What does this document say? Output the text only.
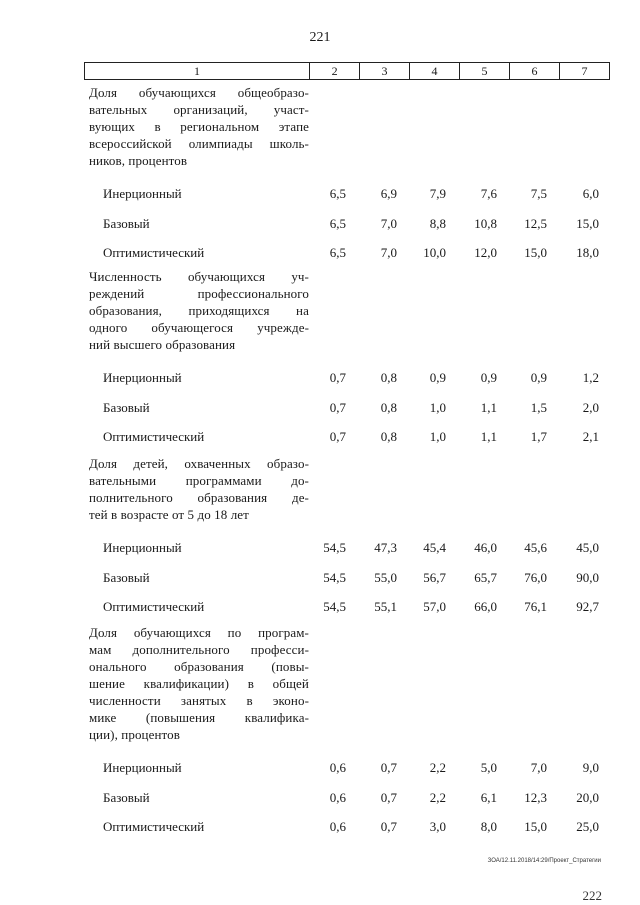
221
1	2	3	4	5	6	7
Доля обучающихся общеобразо-
вательных организаций, участ-
вующих в региональном этапе
всероссийской олимпиады школь-
ников, процентов
Инерционный	6,5	6,9	7,9	7,6	7,5	6,0
Базовый	6,5	7,0	8,8	10,8	12,5	15,0
Оптимистический	6,5	7,0	10,0	12,0	15,0	18,0
Численность обучающихся уч-
реждений профессионального
образования, приходящихся на
одного обучающегося учрежде-
ний высшего образования
Инерционный	0,7	0,8	0,9	0,9	0,9	1,2
Базовый	0,7	0,8	1,0	1,1	1,5	2,0
Оптимистический	0,7	0,8	1,0	1,1	1,7	2,1
Доля детей, охваченных образо-
вательными программами до-
полнительного образования де-
тей в возрасте от 5 до 18 лет
Инерционный	54,5	47,3	45,4	46,0	45,6	45,0
Базовый	54,5	55,0	56,7	65,7	76,0	90,0
Оптимистический	54,5	55,1	57,0	66,0	76,1	92,7
Доля обучающихся по програм-
мам дополнительного професси-
онального образования (повы-
шение квалификации) в общей
численности занятых в эконо-
мике (повышения квалифика-
ции), процентов
Инерционный	0,6	0,7	2,2	5,0	7,0	9,0
Базовый	0,6	0,7	2,2	6,1	12,3	20,0
Оптимистический	0,6	0,7	3,0	8,0	15,0	25,0
ЗОА/12.11.2018/14:29/Проект_Стратегии
222
